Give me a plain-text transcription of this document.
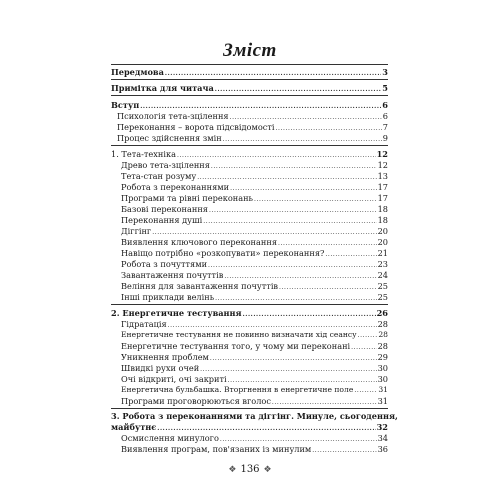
Зміст
Передмова .....	3
Примітка для читача .....	5
Вступ .....	6
Психологія тета-зцілення .....	6
Переконання – ворота підсвідомості .....	7
Процес здійснення змін .....	9
1. Тета-техніка .....	12
Древо тета-зцілення .....	12
Тета-стан розуму .....	13
Робота з переконаннями .....	17
Програми та рівні переконань .....	17
Базові переконання .....	18
Переконання душі .....	18
Діггінг .....	20
Виявлення ключового переконання .....	20
Навіщо потрібно «розкопувати» переконання? .....	21
Робота з почуттями .....	23
Завантаження почуттів .....	24
Веління для завантаження почуттів .....	25
Інші приклади велінь .....	25
2. Енергетичне тестування .....	26
Гідратація .....	28
Енергетичне тестування не повинно визначати хід сеансу .....	28
Енергетичне тестування того, у чому ми переконані .....	28
Уникнення проблем .....	29
Швидкі рухи очей .....	30
Очі відкриті, очі закриті .....	30
Енергетична бульбашка. Вторгнення в енергетичне поле .....	31
Програми проговорюються вголос .....	31
3. Робота з переконаннями та діггінг. Минуле, сьогодення,
майбутнє .....	32
Осмислення минулого .....	34
Виявлення програм, пов'язаних із минулим .....	36
❖ 136 ❖
